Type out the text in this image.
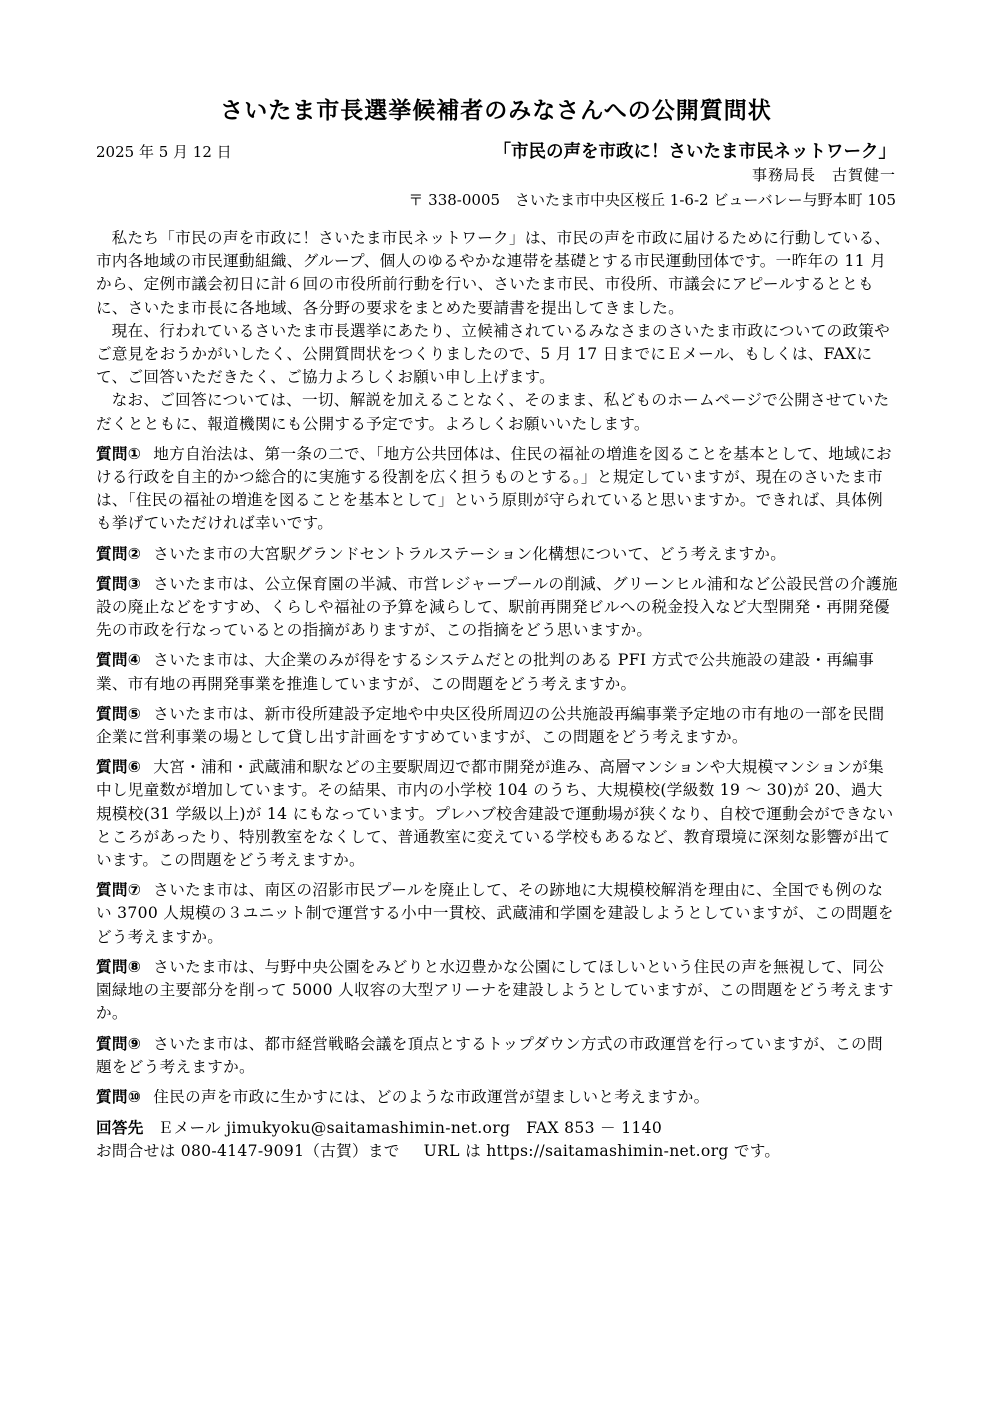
さいたま市長選挙候補者のみなさんへの公開質問状
2025 年 5 月 12 日	「市民の声を市政に！さいたま市民ネットワーク」
事務局長　古賀健一
〒 338-0005　さいたま市中央区桜丘 1-6-2 ビューバレー与野本町 105

私たち「市民の声を市政に！さいたま市民ネットワーク」は、市民の声を市政に届けるために行動している、市内各地域の市民運動組織、グループ、個人のゆるやかな連帯を基礎とする市民運動団体です。一昨年の 11 月から、定例市議会初日に計６回の市役所前行動を行い、さいたま市民、市役所、市議会にアピールするとともに、さいたま市長に各地域、各分野の要求をまとめた要請書を提出してきました。

現在、行われているさいたま市長選挙にあたり、立候補されているみなさまのさいたま市政についての政策やご意見をおうかがいしたく、公開質問状をつくりましたので、5 月 17 日までにＥメール、もしくは、FAXにて、ご回答いただきたく、ご協力よろしくお願い申し上げます。

なお、ご回答については、一切、解説を加えることなく、そのまま、私どものホームページで公開させていただくとともに、報道機関にも公開する予定です。よろしくお願いいたします。

質問① 地方自治法は、第一条の二で、「地方公共団体は、住民の福祉の増進を図ることを基本として、地域における行政を自主的かつ総合的に実施する役割を広く担うものとする。」と規定していますが、現在のさいたま市は、「住民の福祉の増進を図ることを基本として」という原則が守られていると思いますか。できれば、具体例も挙げていただければ幸いです。

質問② さいたま市の大宮駅グランドセントラルステーション化構想について、どう考えますか。

質問③ さいたま市は、公立保育園の半減、市営レジャープールの削減、グリーンヒル浦和など公設民営の介護施設の廃止などをすすめ、くらしや福祉の予算を減らして、駅前再開発ビルへの税金投入など大型開発・再開発優先の市政を行なっているとの指摘がありますが、この指摘をどう思いますか。

質問④ さいたま市は、大企業のみが得をするシステムだとの批判のある PFI 方式で公共施設の建設・再編事業、市有地の再開発事業を推進していますが、この問題をどう考えますか。

質問⑤ さいたま市は、新市役所建設予定地や中央区役所周辺の公共施設再編事業予定地の市有地の一部を民間企業に営利事業の場として貸し出す計画をすすめていますが、この問題をどう考えますか。

質問⑥ 大宮・浦和・武蔵浦和駅などの主要駅周辺で都市開発が進み、高層マンションや大規模マンションが集中し児童数が増加しています。その結果、市内の小学校 104 のうち、大規模校(学級数 19 ～ 30)が 20、過大規模校(31 学級以上)が 14 にもなっています。プレハブ校舎建設で運動場が狭くなり、自校で運動会ができないところがあったり、特別教室をなくして、普通教室に変えている学校もあるなど、教育環境に深刻な影響が出ています。この問題をどう考えますか。

質問⑦ さいたま市は、南区の沼影市民プールを廃止して、その跡地に大規模校解消を理由に、全国でも例のない 3700 人規模の３ユニット制で運営する小中一貫校、武蔵浦和学園を建設しようとしていますが、この問題をどう考えますか。

質問⑧ さいたま市は、与野中央公園をみどりと水辺豊かな公園にしてほしいという住民の声を無視して、同公園緑地の主要部分を削って 5000 人収容の大型アリーナを建設しようとしていますが、この問題をどう考えますか。

質問⑨ さいたま市は、都市経営戦略会議を頂点とするトップダウン方式の市政運営を行っていますが、この問題をどう考えますか。

質問⑩ 住民の声を市政に生かすには、どのような市政運営が望ましいと考えますか。

回答先 Ｅメール jimukyoku@saitamashimin-net.org　FAX 853 － 1140
お問合せは 080-4147-9091（古賀）まで URL は https://saitamashimin-net.org です。
